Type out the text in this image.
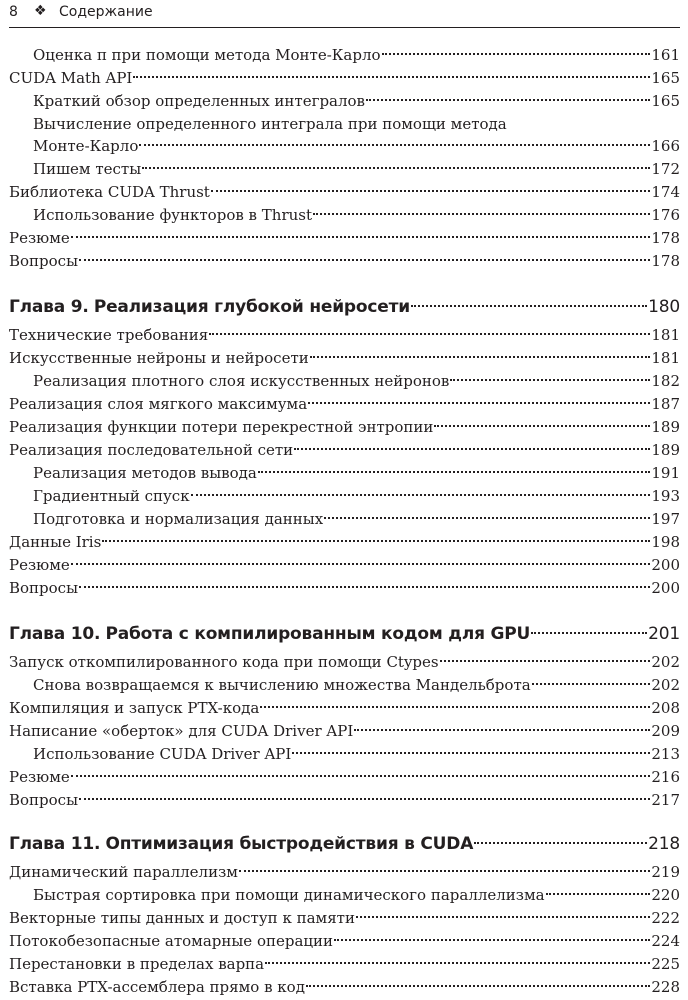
8 ❖ Содержание
Оценка π при помощи метода Монте-Карло	161
CUDA Math API	165
Краткий обзор определенных интегралов	165
Вычисление определенного интеграла при помощи метода
Монте-Карло	166
Пишем тесты	172
Библиотека CUDA Thrust	174
Использование функторов в Thrust	176
Резюме	178
Вопросы	178
Глава 9. Реализация глубокой нейросети	180
Технические требования	181
Искусственные нейроны и нейросети	181
Реализация плотного слоя искусственных нейронов	182
Реализация слоя мягкого максимума	187
Реализация функции потери перекрестной энтропии	189
Реализация последовательной сети	189
Реализация методов вывода	191
Градиентный спуск	193
Подготовка и нормализация данных	197
Данные Iris	198
Резюме	200
Вопросы	200
Глава 10. Работа с компилированным кодом для GPU	201
Запуск откомпилированного кода при помощи Ctypes	202
Снова возвращаемся к вычислению множества Мандельброта	202
Компиляция и запуск PTX-кода	208
Написание «оберток» для CUDA Driver API	209
Использование CUDA Driver API	213
Резюме	216
Вопросы	217
Глава 11. Оптимизация быстродействия в CUDA	218
Динамический параллелизм	219
Быстрая сортировка при помощи динамического параллелизма	220
Векторные типы данных и доступ к памяти	222
Потокобезопасные атомарные операции	224
Перестановки в пределах варпа	225
Вставка PTX-ассемблера прямо в код	228
